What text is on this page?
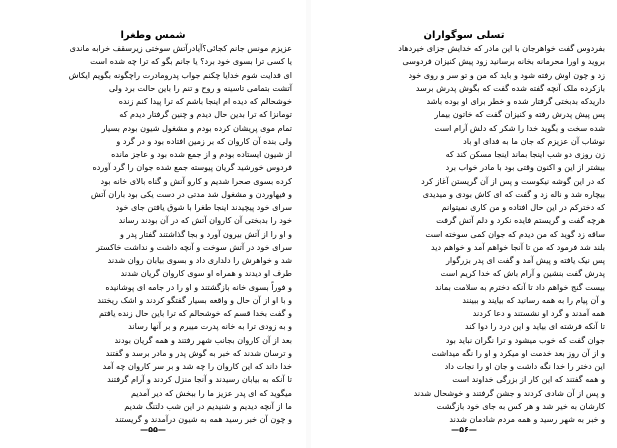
شمس وطغرا
عزیزم مونس جانم کجائی؟آیادرآتش سوختی زیرسقف خرابه ماندی
یا کسی ترا بسوی خود برد؟ یا جانم بگو که ترا چه شده است
ای فدایت شوم خدایا چکنم جواب پدرومادرت راچگونه بگویم ایکاش
آتشت بتمامی تاسینه و روح و تنم را باین حالت برد ولی
خوشحالم که دیده ام اینجا باشم که ترا پیدا کنم زنده
تومانزا که ترا بدین حال دیدم و چنین گرفتار دیدم که
تمام موی پریشان کرده بودم و مشغول شیون بودم بسیار
ولی بنده آن کاروان که بر زمین افتاده بود و در گرد و
از شیون ایستاده بودم و از جمع شده بود و عاجز مانده
فردوس خورشید گریان پیوسته جمع شده جوان را گرد آورده
کرده بسوی صحرا شدیم و کارو آتش و گناه بالای خانه بود
و فیهاوردن و مشغول شد مدتی در دست یکی بود باران آتش
سرای خود پیچیدند اینجا طغرا با شوق یافتن جای خود
خود را بدبختی آن کاروان آتش که در آن بودند رساند
و او را از آتش بیرون آورد و بجا گذاشتند گفتار پدر و
سرای خود در آتش سوخت و آنچه داشت و نداشت خاکستر
شد و خواهرش را دلداری داد و بسوی بیابان روان شدند
طرف او دیدند و همراه او سوی کاروان گریان شدند
و فوراً بسوی خانه بازگشتند و او را در جامه ای پوشانیده
و با او از آن حال و واقعه بسیار گفتگو کردند و اشک ریختند
و گفت بخدا قسم که خوشحالم که ترا باین حال زنده یافتم
و به زودی ترا به خانه پدرت میبرم و بر آنها رساند
بعد از آن کاروان بجانب شهر رفتند و همه گریان بودند
و ترسان شدند که خبر به گوش پدر و مادر برسد و گفتند
خدا داند که این کاروان را چه شد و بر سر کاروان چه آمد
تا آنکه به بیابان رسیدند و آنجا منزل کردند و آرام گرفتند
میگوید که ای پدر عزیز ما را ببخش که دیر آمدیم
ما از آنچه دیدیم و شنیدیم در این شب دلتنگ شدیم
و چون آن خبر رسید همه به شیون درآمدند و گریستند
—۵۵—
تسلی سوگواران
بفردوس گفت خواهرجان با این مادر که خدایش جزای خیردهاد
بروید و اورا محرمانه بخانه برسانید زود پیش کنیزان فردوسی
زد و چون اوش رفته شود و باید که من و تو سر و روی خود
بازکرده ملک آنچه گفته شده گفت که بگوش پدرش برسد
داریدکه بدبختی گرفتار شده و خطر برای او بوده باشد
پس پیش پدرش رفته و کنیزان گفت که خاتون بیمار
شده سخت و بگوید خدا را شکر که دلش آرام است
نوشاب آن عزیزم که جان ما به فدای او باد
زن روزی دو شب اینجا بماند اینجا مسکن کند که
بیشتر از این و اکنون وقتی بود با مادر خواب برد
که در این گوشه نیکوست و پس از آن گریستن آغاز کرد
بیچاره شد و ناله زد و گفت که ای کاش بودی و میدیدی
که دخترکم در این حال افتاده و من کاری نمیتوانم
هرچه گفت و گریستم فایده نکرد و دلم آتش گرفت
ساقه زد گوید که من دیدم که جوان کمی سوخته است
بلند شد فرمود که من تا آنجا خواهم آمد و خواهم دید
پس نیک یافته و پیش آمد و گفت ای پدر بزرگوار
پدرش گفت بنشین و آرام باش که خدا کریم است
بیست گنج خواهم داد تا آنکه دخترم به سلامت بماند
و آن پیام را به همه رسانید که بیایند و ببینند
همه آمدند و گرد او نشستند و دعا کردند
تا آنکه فرشته ای بیاید و این درد را دوا کند
جوان گفت که خوب میشود و ترا نگران نباید بود
و از آن روز بعد خدمت او میکرد و او را نگه میداشت
این دختر را خدا نگه داشت و جان او را نجات داد
و همه گفتند که این کار از بزرگی خداوند است
و پس از آن شادی کردند و جشن گرفتند و خوشحال شدند
کارشان به خیر شد و هر کس به جای خود بازگشت
و خبر به شهر رسید و همه مردم شادمان شدند
—۵۶—
